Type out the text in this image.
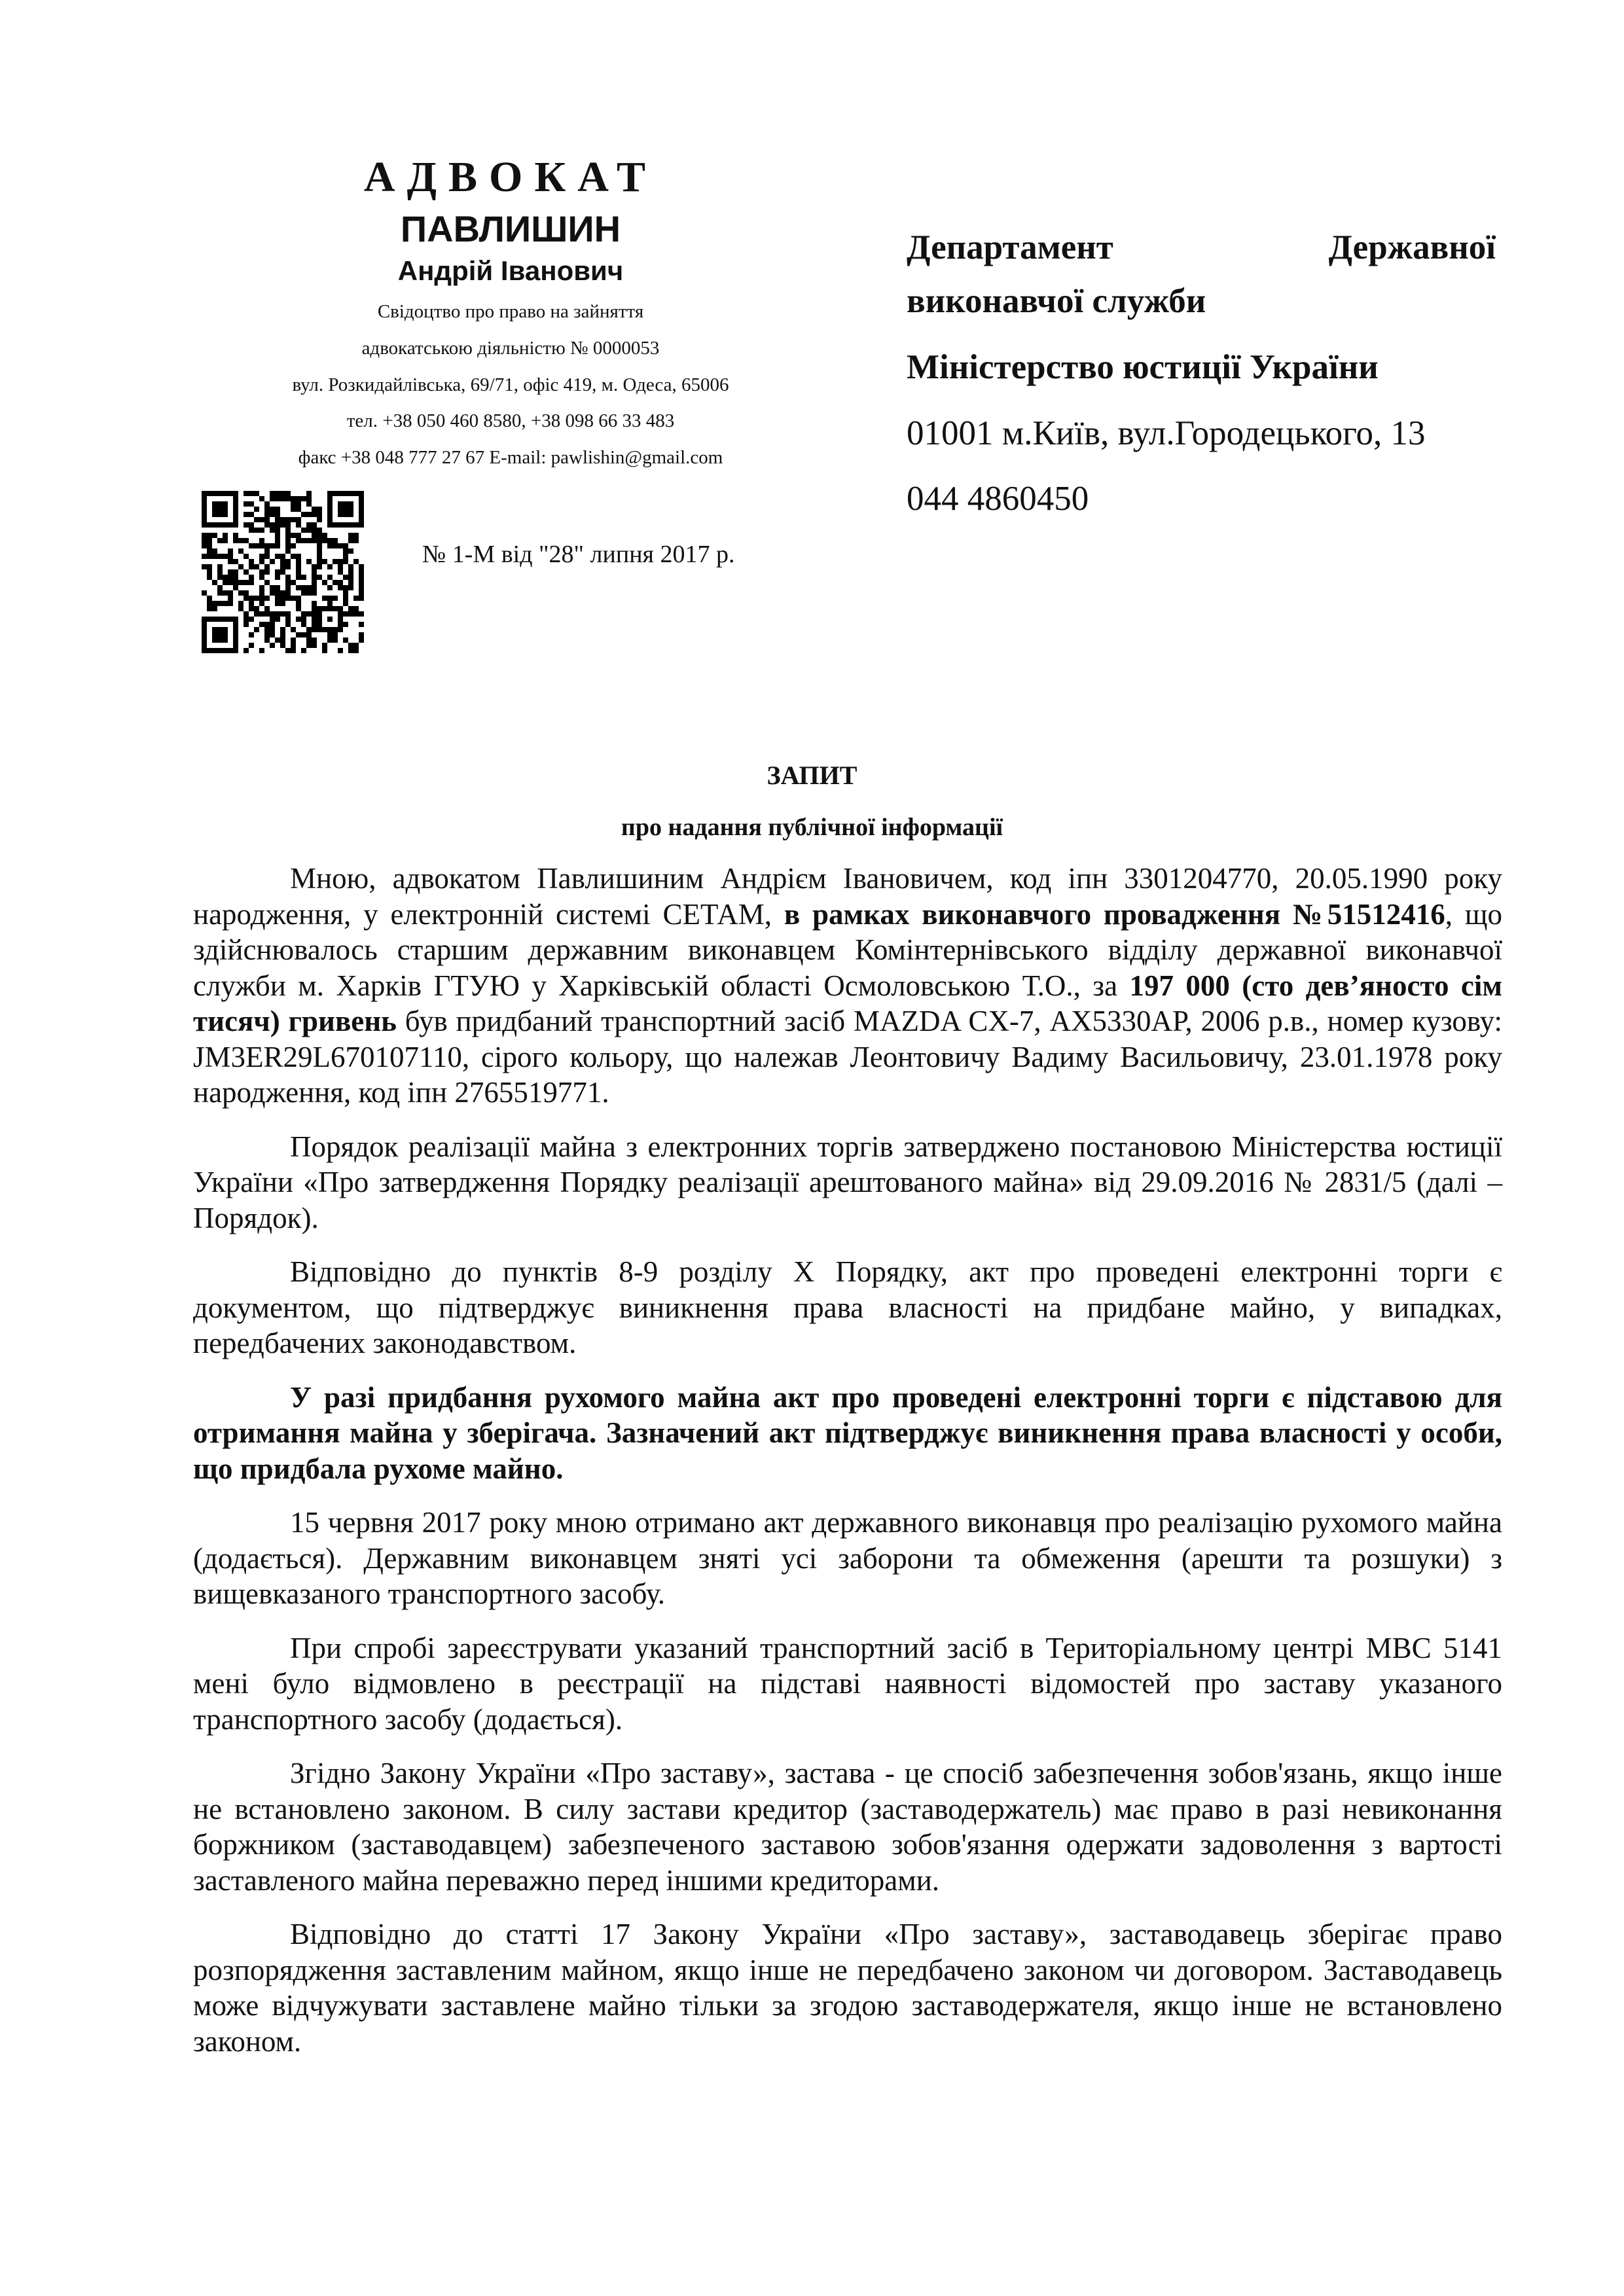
АДВОКАТ
ПАВЛИШИН
Андрій Іванович
Свідоцтво про право на зайняття
адвокатською діяльністю № 0000053
вул. Розкидайлівська, 69/71, офіс 419, м. Одеса, 65006
тел. +38 050 460 8580, +38 098 66 33 483
факс +38 048 777 27 67 E-mail: pawlishin@gmail.com
№ 1-М від "28" липня 2017 р.
Департамент	Державної
виконавчої служби
Міністерство юстиції України
01001 м.Київ, вул.Городецького, 13
044 4860450
ЗАПИТ
про надання публічної інформації

Мною, адвокатом Павлишиним Андрієм Івановичем, код іпн 3301204770, 20.05.1990 року народження, у електронній системі СЕТАМ, в рамках виконавчого провадження №51512416, що здійснювалось старшим державним виконавцем Комінтернівського відділу державної виконавчої служби м. Харків ГТУЮ у Харківській області Осмоловською Т.О., за 197 000 (сто дев’яносто сім тисяч) гривень був придбаний транспортний засіб MAZDA CX-7, АХ5330АР, 2006 р.в., номер кузову: JM3ER29L670107110, сірого кольору, що належав Леонтовичу Вадиму Васильовичу, 23.01.1978 року народження, код іпн 2765519771.

Порядок реалізації майна з електронних торгів затверджено постановою Міністерства юстиції України «Про затвердження Порядку реалізації арештованого майна» від 29.09.2016 № 2831/5 (далі – Порядок).

Відповідно до пунктів 8-9 розділу X Порядку, акт про проведені електронні торги є документом, що підтверджує виникнення права власності на придбане майно, у випадках, передбачених законодавством.

У разі придбання рухомого майна акт про проведені електронні торги є підставою для отримання майна у зберігача. Зазначений акт підтверджує виникнення права власності у особи, що придбала рухоме майно.

15 червня 2017 року мною отримано акт державного виконавця про реалізацію рухомого майна (додається). Державним виконавцем зняті усі заборони та обмеження (арешти та розшуки) з вищевказаного транспортного засобу.

При спробі зареєструвати указаний транспортний засіб в Територіальному центрі МВС 5141 мені було відмовлено в реєстрації на підставі наявності відомостей про заставу указаного транспортного засобу (додається).

Згідно Закону України «Про заставу», застава - це спосіб забезпечення зобов'язань, якщо інше не встановлено законом. В силу застави кредитор (заставодержатель) має право в разі невиконання боржником (заставодавцем) забезпеченого заставою зобов'язання одержати задоволення з вартості заставленого майна переважно перед іншими кредиторами.

Відповідно до статті 17 Закону України «Про заставу», заставодавець зберігає право розпорядження заставленим майном, якщо інше не передбачено законом чи договором. Заставодавець може відчужувати заставлене майно тільки за згодою заставодержателя, якщо інше не встановлено законом.
